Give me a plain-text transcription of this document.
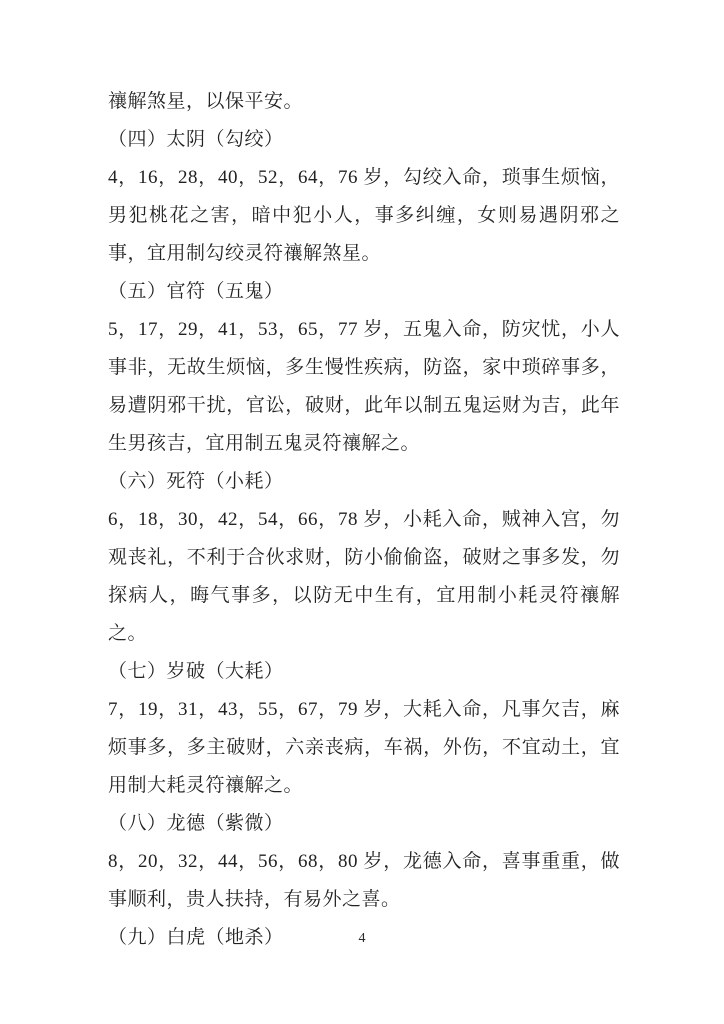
禳解煞星，以保平安。

（四）太阴（勾绞）

4，16，28，40，52，64，76 岁，勾绞入命，琐事生烦恼，男犯桃花之害，暗中犯小人，事多纠缠，女则易遇阴邪之事，宜用制勾绞灵符禳解煞星。

（五）官符（五鬼）

5，17，29，41，53，65，77 岁，五鬼入命，防灾忧，小人事非，无故生烦恼，多生慢性疾病，防盗，家中琐碎事多，易遭阴邪干扰，官讼，破财，此年以制五鬼运财为吉，此年生男孩吉，宜用制五鬼灵符禳解之。

（六）死符（小耗）

6，18，30，42，54，66，78 岁，小耗入命，贼神入宫，勿观丧礼，不利于合伙求财，防小偷偷盗，破财之事多发，勿探病人，晦气事多，以防无中生有，宜用制小耗灵符禳解之。

（七）岁破（大耗）

7，19，31，43，55，67，79 岁，大耗入命，凡事欠吉，麻烦事多，多主破财，六亲丧病，车祸，外伤，不宜动土，宜用制大耗灵符禳解之。

（八）龙德（紫微）

8，20，32，44，56，68，80 岁，龙德入命，喜事重重，做事顺利，贵人扶持，有易外之喜。

（九）白虎（地杀）	4
